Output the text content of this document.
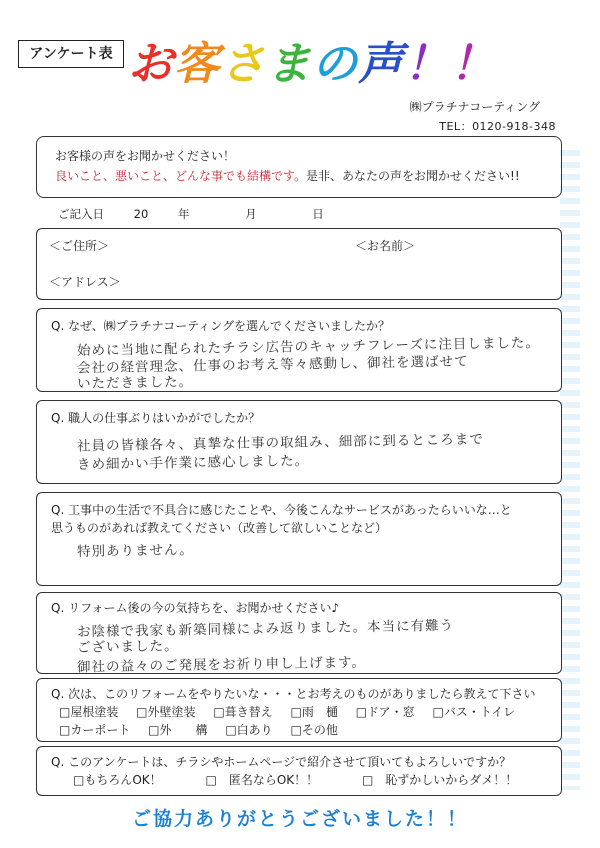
アンケート表 お客さまの声！！
㈱プラチナコーティング
TEL：0120-918-348
お客様の声をお聞かせください！
良いこと、悪いこと、どんな事でも結構です。是非、あなたの声をお聞かせください!!
ご記入日	20	年	月	日
＜ご住所＞	＜お名前＞
＜アドレス＞
Q. なぜ、㈱プラチナコーティングを選んでくださいましたか？
始めに当地に配られたチラシ広告のキャッチフレーズに注目しました。
会社の経営理念、仕事のお考え等々感動し、御社を選ばせて
いただきました。
Q. 職人の仕事ぶりはいかがでしたか？
社員の皆様各々、真摯な仕事の取組み、細部に到るところまで
きめ細かい手作業に感心しました。
Q. 工事中の生活で不具合に感じたことや、今後こんなサービスがあったらいいな…と
思うものがあれば教えてください（改善して欲しいことなど）
特別ありません。
Q. リフォーム後の今の気持ちを、お聞かせください♪
お陰様で我家も新築同様によみ返りました。本当に有難う
ございました。
御社の益々のご発展をお祈り申し上げます。
Q. 次は、このリフォームをやりたいな・・・とお考えのものがありましたら教えて下さい
□屋根塗装 □外壁塗装 □葺き替え □雨　樋 □ドア・窓 □バス・トイレ
□カーポート □外　　構 □白あり □その他
Q. このアンケートは、チラシやホームページで紹介させて頂いてもよろしいですか？
□もちろんOK！	□　匿名ならOK！！	□　恥ずかしいからダメ！！
ご協力ありがとうございました！！
